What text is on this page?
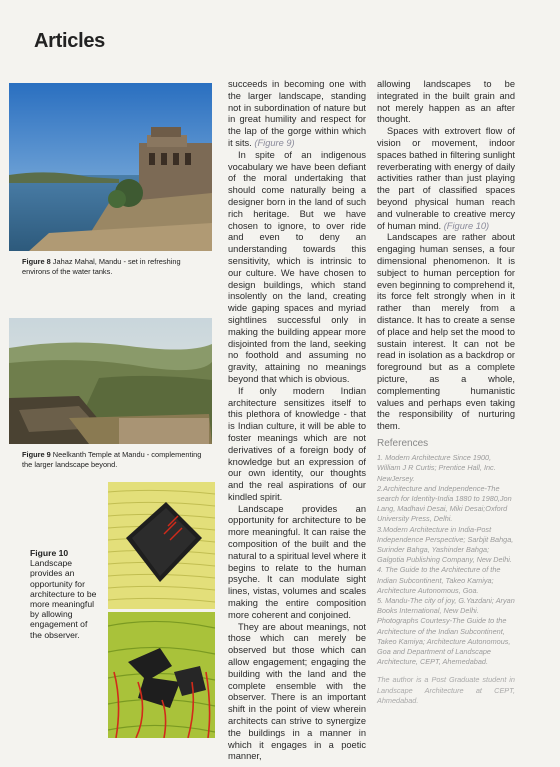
Articles
Figure 8 Jahaz Mahal, Mandu - set in refreshing environs of the water tanks.
Figure 9 Neelkanth Temple at Mandu - complementing the larger landscape beyond.
Figure 10
Landscape provides an opportunity for architecture to be more meaningful by allowing engagement of the observer.

succeeds in becoming one with the larger landscape, standing not in subordination of nature but in great humility and respect for the lap of the gorge within which it sits. (Figure 9)

In spite of an indigenous vocabulary we have been defiant of the moral undertaking that should come naturally being a designer born in the land of such rich heritage. But we have chosen to ignore, to over ride and even to deny an understanding towards this sensitivity, which is intrinsic to our culture. We have chosen to design buildings, which stand insolently on the land, creating wide gaping spaces and myriad sightlines successful only in making the building appear more disjointed from the land, seeking no foothold and assuming no gravity, attaining no meanings beyond that which is obvious.

If only modern Indian architecture sensitizes itself to this plethora of knowledge - that is Indian culture, it will be able to foster meanings which are not derivatives of a foreign body of knowledge but an expression of our own identity, our thoughts and the real aspirations of our kindled spirit.

Landscape provides an opportunity for architecture to be more meaningful. It can raise the composition of the built and the natural to a spiritual level where it begins to relate to the human psyche. It can modulate sight lines, vistas, volumes and scales making the entire composition more coherent and conjoined.

They are about meanings, not those which can merely be observed but those which can allow engagement; engaging the building with the land and the complete ensemble with the observer. There is an important shift in the point of view wherein architects can strive to synergize the buildings in a manner in which it engages in a poetic manner,

allowing landscapes to be integrated in the built grain and not merely happen as an after thought.

Spaces with extrovert flow of vision or movement, indoor spaces bathed in filtering sunlight reverberating with energy of daily activities rather than just playing the part of classified spaces beyond physical human reach and vulnerable to creative mercy of human mind. (Figure 10)

Landscapes are rather about engaging human senses, a four dimensional phenomenon. It is subject to human perception for even beginning to comprehend it, its force felt strongly when in it rather than merely from a distance. It has to create a sense of place and help set the mood to sustain interest. It can not be read in isolation as a backdrop or foreground but as a complete picture, as a whole, complementing humanistic values and perhaps even taking the responsibility of nurturing them.

References
1. Modern Architecture Since 1900, William J R Curtis; Prentice Hall, Inc. NewJersey.
2.Architecture and Independence-The search for Identity-India 1880 to 1980,Jon Lang, Madhavi Desai, Miki Desai;Oxford University Press, Delhi.
3.Modern Architecture in India-Post Independence Perspective; Sarbjit Bahga, Surinder Bahga, Yashinder Bahga; Galgotia Publishing Company, New Delhi.
4. The Guide to the Architecture of the Indian Subcontinent, Takeo Kamiya; Architecture Autonomous, Goa.
5. Mandu-The city of joy, G.Yazdani; Aryan Books International, New Delhi. Photographs Courtesy-The Guide to the Architecture of the Indian Subcontinent, Takeo Kamiya; Architecture Autonomous, Goa and Department of Landscape Architecture, CEPT, Ahemedabad.
The author is a Post Graduate student in Landscape Architecture at CEPT, Ahmedabad.
